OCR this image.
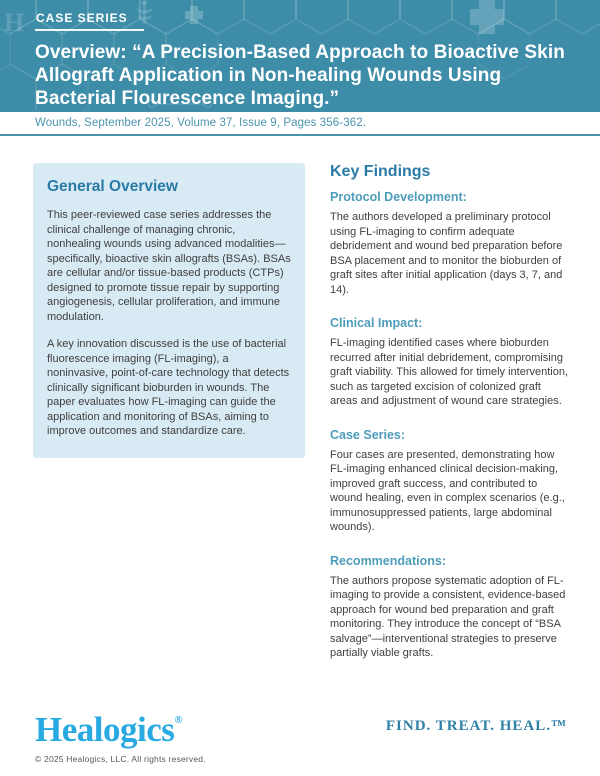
H CASE SERIES
Overview: “A Precision-Based Approach to Bioactive Skin Allograft Application in Non-healing Wounds Using Bacterial Flourescence Imaging.”
Wounds, September 2025, Volume 37, Issue 9, Pages 356-362.
General Overview

This peer-reviewed case series addresses the clinical challenge of managing chronic, nonhealing wounds using advanced modalities—specifically, bioactive skin allografts (BSAs). BSAs are cellular and/or tissue-based products (CTPs) designed to promote tissue repair by supporting angiogenesis, cellular proliferation, and immune modulation.

A key innovation discussed is the use of bacterial fluorescence imaging (FL-imaging), a noninvasive, point-of-care technology that detects clinically significant bioburden in wounds. The paper evaluates how FL-imaging can guide the application and monitoring of BSAs, aiming to improve outcomes and standardize care.

Key Findings
Protocol Development:

The authors developed a preliminary protocol using FL-imaging to confirm adequate debridement and wound bed preparation before BSA placement and to monitor the bioburden of graft sites after initial application (days 3, 7, and 14).

Clinical Impact:

FL-imaging identified cases where bioburden recurred after initial debridement, compromising graft viability. This allowed for timely intervention, such as targeted excision of colonized graft areas and adjustment of wound care strategies.

Case Series:

Four cases are presented, demonstrating how FL-imaging enhanced clinical decision-making, improved graft success, and contributed to wound healing, even in complex scenarios (e.g., immunosuppressed patients, large abdominal wounds).

Recommendations:

The authors propose systematic adoption of FL-imaging to provide a consistent, evidence-based approach for wound bed preparation and graft monitoring. They introduce the concept of “BSA salvage”—interventional strategies to preserve partially viable grafts.

Healogics®
© 2025 Healogics, LLC. All rights reserved.
FIND. TREAT. HEAL.™
